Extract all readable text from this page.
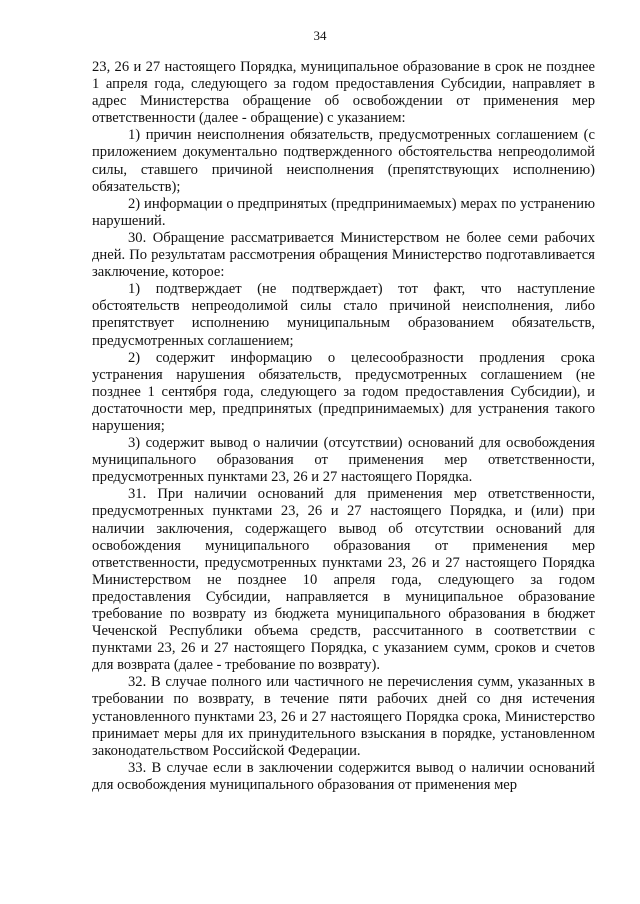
34

23, 26 и 27 настоящего Порядка, муниципальное образование в срок не позднее 1 апреля года, следующего за годом предоставления Субсидии, направляет в адрес Министерства обращение об освобождении от применения мер ответственности (далее - обращение) с указанием:

1) причин неисполнения обязательств, предусмотренных соглашением (с приложением документально подтвержденного обстоятельства непреодолимой силы, ставшего причиной неисполнения (препятствующих исполнению) обязательств);

2) информации о предпринятых (предпринимаемых) мерах по устранению нарушений.

30. Обращение рассматривается Министерством не более семи рабочих дней. По результатам рассмотрения обращения Министерство подготавливается заключение, которое:

1) подтверждает (не подтверждает) тот факт, что наступление обстоятельств непреодолимой силы стало причиной неисполнения, либо препятствует исполнению муниципальным образованием обязательств, предусмотренных соглашением;

2) содержит информацию о целесообразности продления срока устранения нарушения обязательств, предусмотренных соглашением (не позднее 1 сентября года, следующего за годом предоставления Субсидии), и достаточности мер, предпринятых (предпринимаемых) для устранения такого нарушения;

3) содержит вывод о наличии (отсутствии) оснований для освобождения муниципального образования от применения мер ответственности, предусмотренных пунктами 23, 26 и 27 настоящего Порядка.

31. При наличии оснований для применения мер ответственности, предусмотренных пунктами 23, 26 и 27 настоящего Порядка, и (или) при наличии заключения, содержащего вывод об отсутствии оснований для освобождения муниципального образования от применения мер ответственности, предусмотренных пунктами 23, 26 и 27 настоящего Порядка Министерством не позднее 10 апреля года, следующего за годом предоставления Субсидии, направляется в муниципальное образование требование по возврату из бюджета муниципального образования в бюджет Чеченской Республики объема средств, рассчитанного в соответствии с пунктами 23, 26 и 27 настоящего Порядка, с указанием сумм, сроков и счетов для возврата (далее - требование по возврату).

32. В случае полного или частичного не перечисления сумм, указанных в требовании по возврату, в течение пяти рабочих дней со дня истечения установленного пунктами 23, 26 и 27 настоящего Порядка срока, Министерство принимает меры для их принудительного взыскания в порядке, установленном законодательством Российской Федерации.

33. В случае если в заключении содержится вывод о наличии оснований для освобождения муниципального образования от применения мер
